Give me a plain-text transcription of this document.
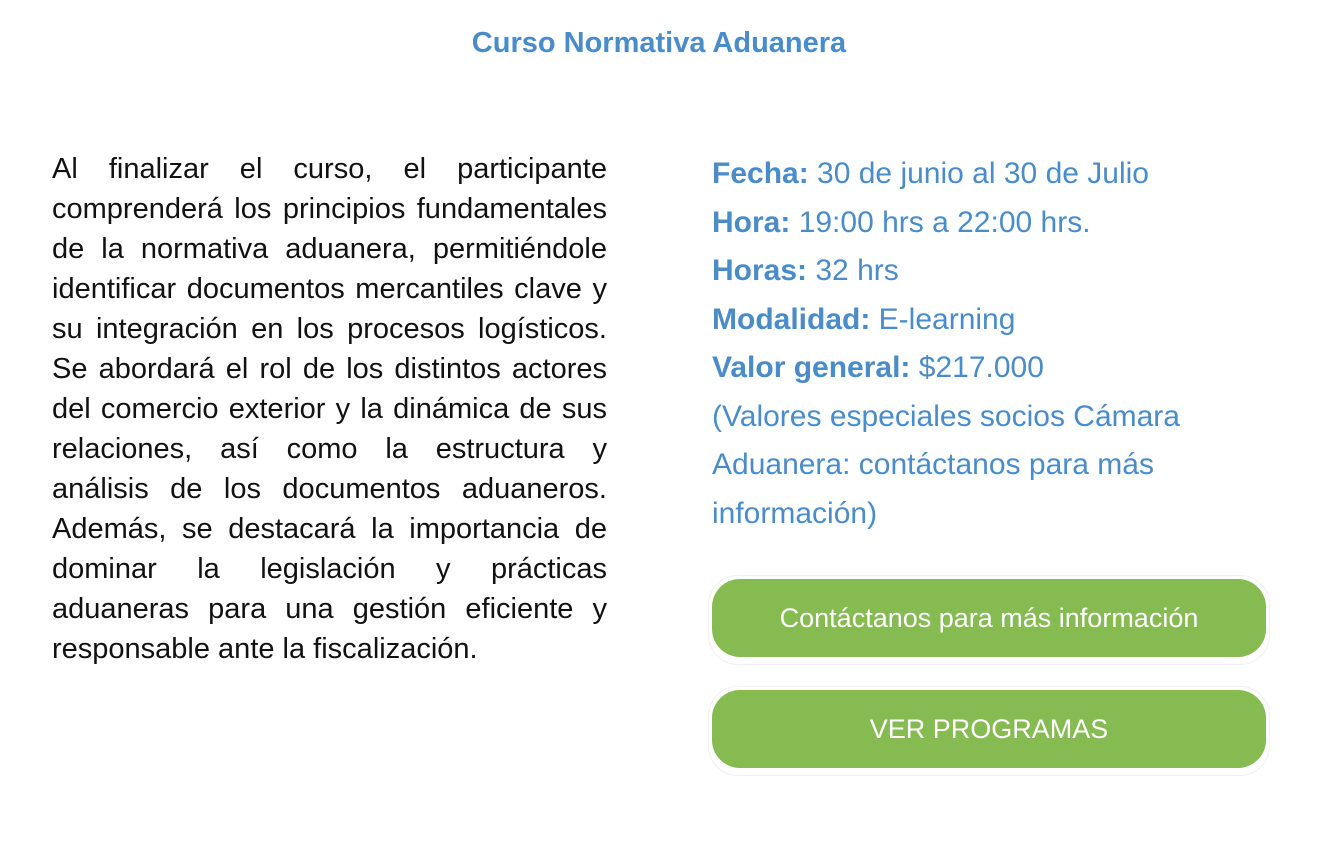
Curso Normativa Aduanera

Al finalizar el curso, el participante comprenderá los principios fundamentales de la normativa aduanera, permitiéndole identificar documentos mercantiles clave y su integración en los procesos logísticos. Se abordará el rol de los distintos actores del comercio exterior y la dinámica de sus relaciones, así como la estructura y análisis de los documentos aduaneros. Además, se destacará la importancia de dominar la legislación y prácticas aduaneras para una gestión eficiente y responsable ante la fiscalización.

Fecha: 30 de junio al 30 de Julio
Hora: 19:00 hrs a 22:00 hrs.
Horas: 32 hrs
Modalidad: E-learning
Valor general: $217.000
(Valores especiales socios Cámara Aduanera: contáctanos para más información)
Contáctanos para más información
VER PROGRAMAS
